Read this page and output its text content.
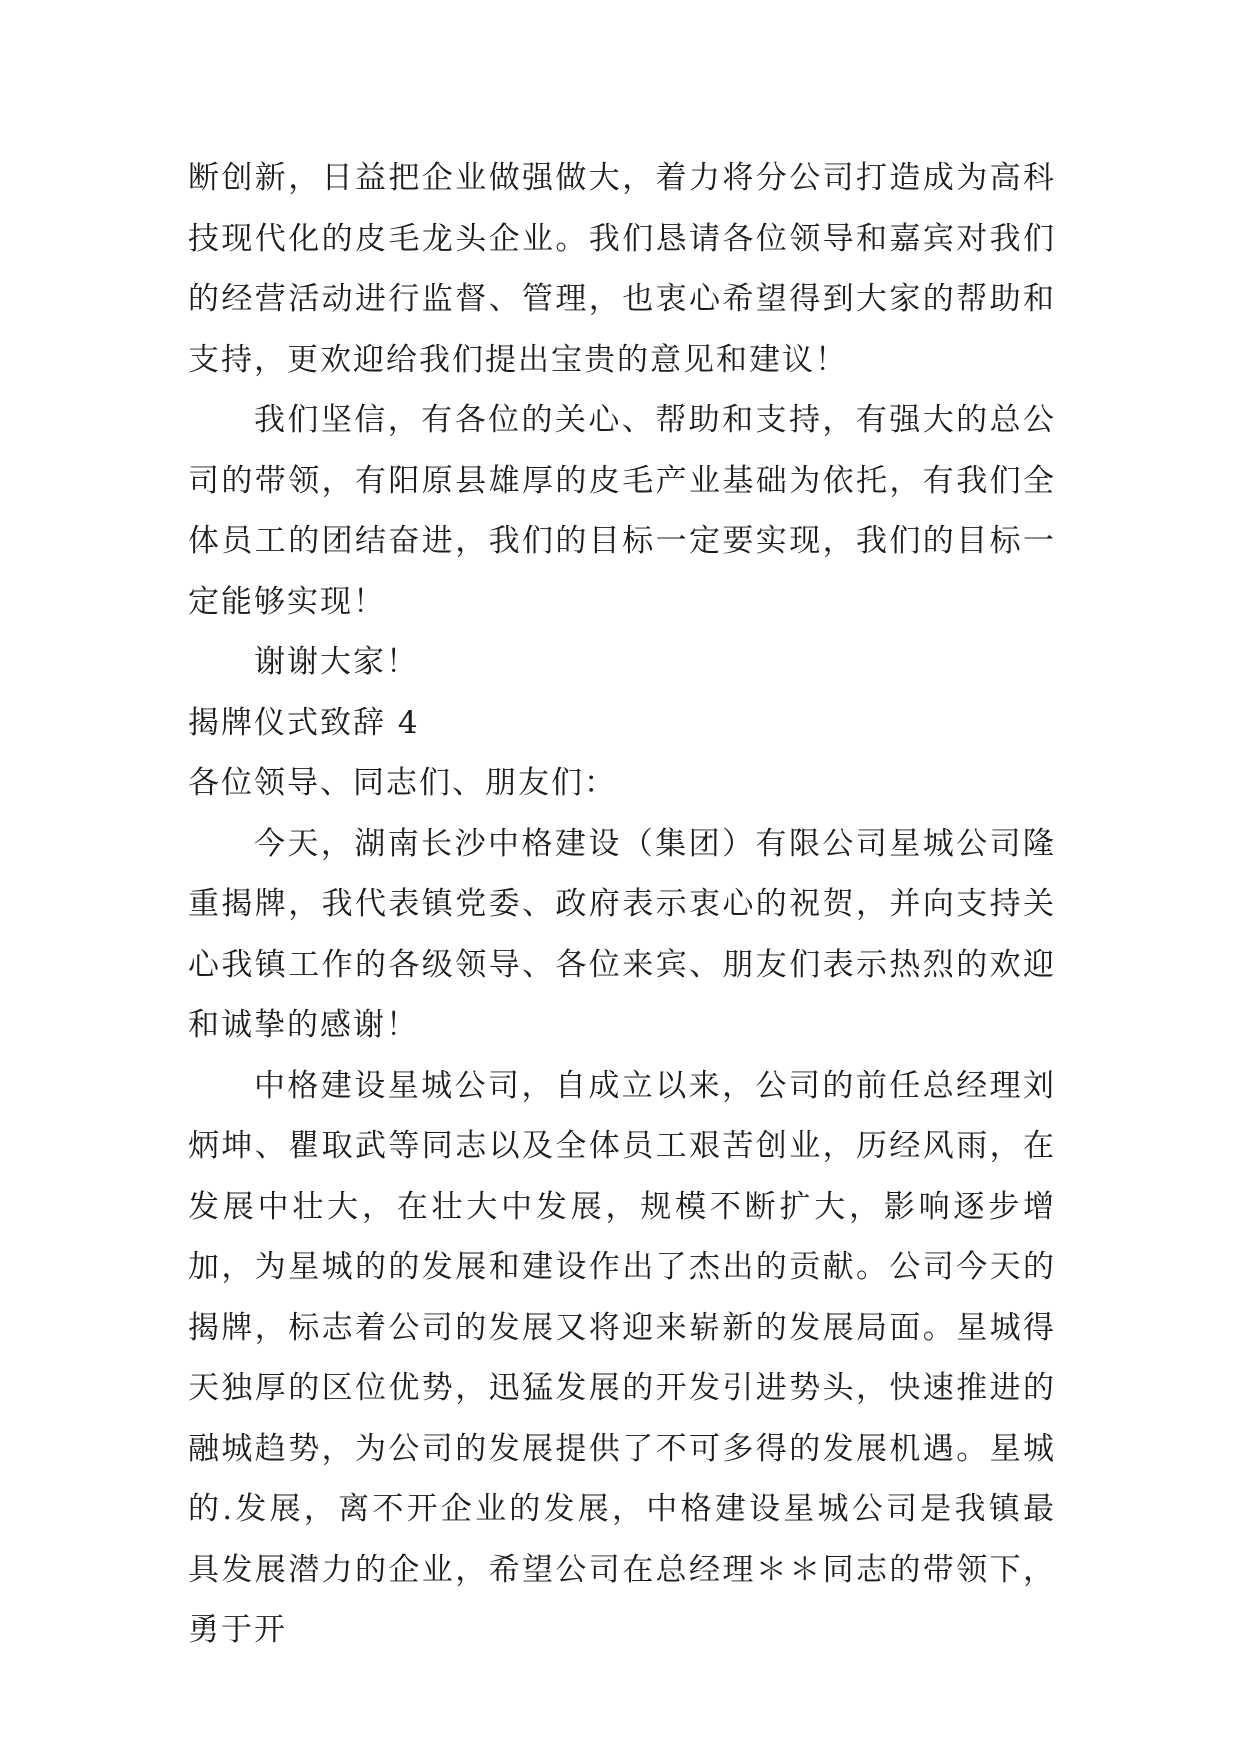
断创新，日益把企业做强做大，着力将分公司打造成为高科技现代化的皮毛龙头企业。我们恳请各位领导和嘉宾对我们的经营活动进行监督、管理，也衷心希望得到大家的帮助和支持，更欢迎给我们提出宝贵的意见和建议！

我们坚信，有各位的关心、帮助和支持，有强大的总公司的带领，有阳原县雄厚的皮毛产业基础为依托，有我们全体员工的团结奋进，我们的目标一定要实现，我们的目标一定能够实现！

谢谢大家！

揭牌仪式致辞 4

各位领导、同志们、朋友们：

今天，湖南长沙中格建设（集团）有限公司星城公司隆重揭牌，我代表镇党委、政府表示衷心的祝贺，并向支持关心我镇工作的各级领导、各位来宾、朋友们表示热烈的欢迎和诚挚的感谢！

中格建设星城公司，自成立以来，公司的前任总经理刘炳坤、瞿取武等同志以及全体员工艰苦创业，历经风雨，在发展中壮大，在壮大中发展，规模不断扩大，影响逐步增加，为星城的的发展和建设作出了杰出的贡献。公司今天的揭牌，标志着公司的发展又将迎来崭新的发展局面。星城得天独厚的区位优势，迅猛发展的开发引进势头，快速推进的融城趋势，为公司的发展提供了不可多得的发展机遇。星城的.发展，离不开企业的发展，中格建设星城公司是我镇最具发展潜力的企业，希望公司在总经理＊＊同志的带领下，勇于开
